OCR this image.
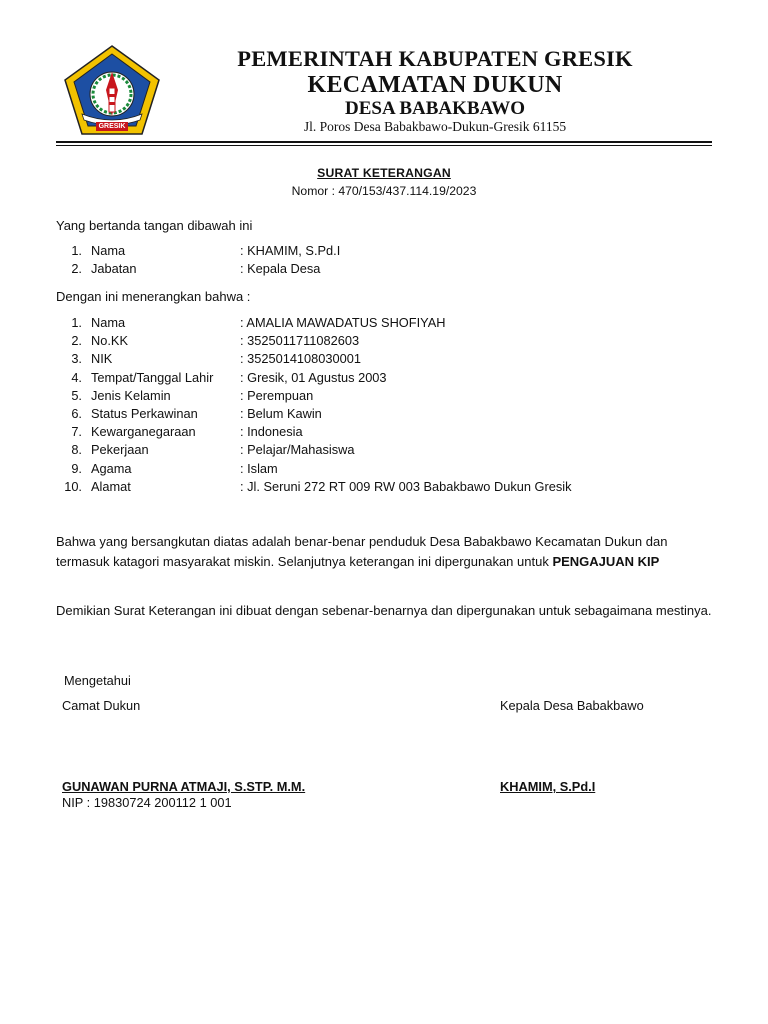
GRESIK
PEMERINTAH KABUPATEN GRESIK
KECAMATAN DUKUN
DESA BABAKBAWO
Jl. Poros Desa Babakbawo-Dukun-Gresik 61155
SURAT KETERANGAN
Nomor : 470/153/437.114.19/2023
Yang bertanda tangan dibawah ini
1. Nama	: KHAMIM, S.Pd.I
2. Jabatan	: Kepala Desa
Dengan ini menerangkan bahwa :
1. Nama	: AMALIA MAWADATUS SHOFIYAH
2. No.KK	: 3525011711082603
3. NIK	: 3525014108030001
4. Tempat/Tanggal Lahir : Gresik, 01 Agustus 2003
5. Jenis Kelamin	: Perempuan
6. Status Perkawinan	: Belum Kawin
7. Kewarganegaraan	: Indonesia
8. Pekerjaan	: Pelajar/Mahasiswa
9. Agama	: Islam
10. Alamat	: Jl. Seruni 272 RT 009 RW 003 Babakbawo Dukun Gresik
Bahwa yang bersangkutan diatas adalah benar-benar penduduk Desa Babakbawo Kecamatan Dukun dan termasuk katagori masyarakat miskin. Selanjutnya keterangan ini dipergunakan untuk PENGAJUAN KIP
Demikian Surat Keterangan ini dibuat dengan sebenar-benarnya dan dipergunakan untuk sebagaimana mestinya.
Mengetahui
Camat Dukun	Kepala Desa Babakbawo
GUNAWAN PURNA ATMAJI, S.STP. M.M.
NIP : 19830724 200112 1 001
KHAMIM, S.Pd.I
